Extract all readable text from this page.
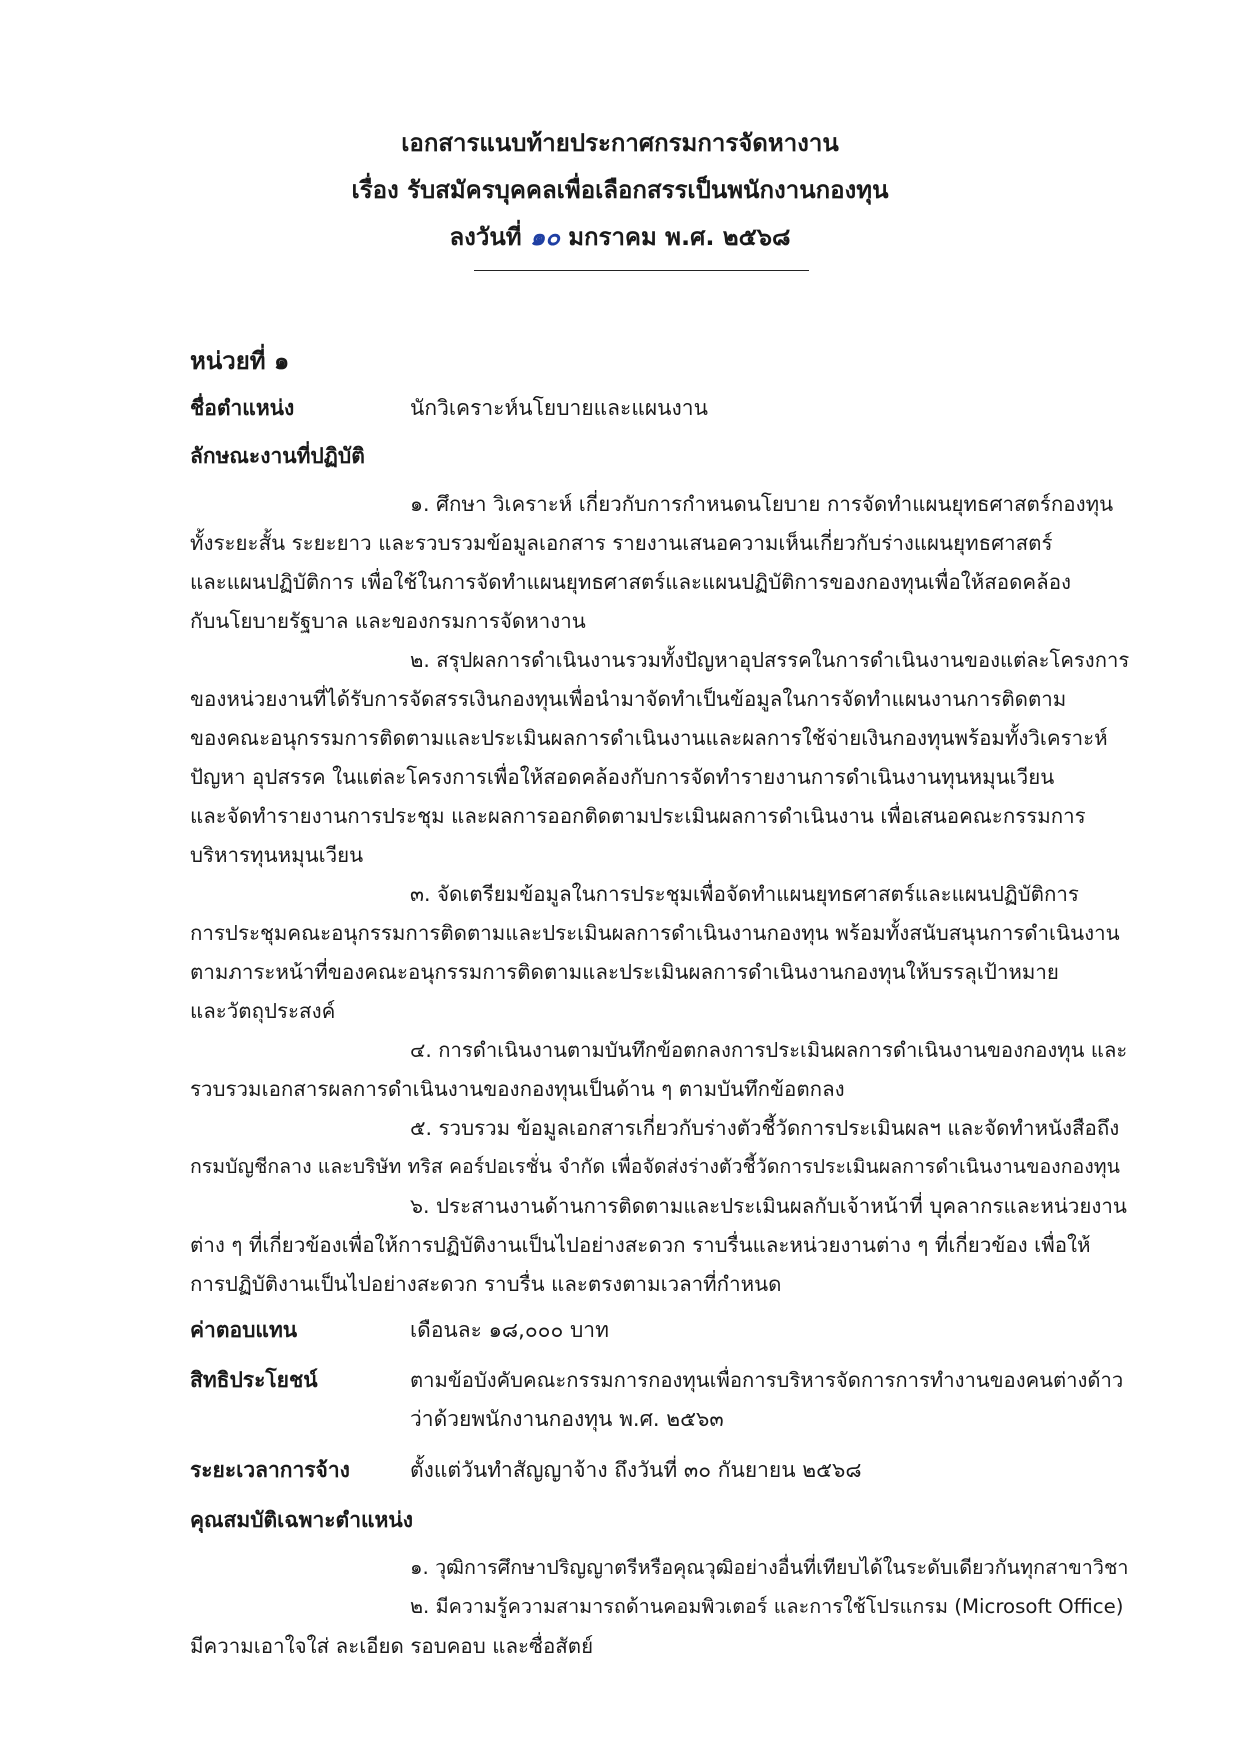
เอกสารแนบท้ายประกาศกรมการจัดหางาน
เรื่อง รับสมัครบุคคลเพื่อเลือกสรรเป็นพนักงานกองทุน
ลงวันที่ ๑๐ มกราคม พ.ศ. ๒๕๖๘
หน่วยที่ ๑
ชื่อตำแหน่ง	นักวิเคราะห์นโยบายและแผนงาน
ลักษณะงานที่ปฏิบัติ
๑. ศึกษา วิเคราะห์ เกี่ยวกับการกำหนดนโยบาย การจัดทำแผนยุทธศาสตร์กองทุน
ทั้งระยะสั้น ระยะยาว และรวบรวมข้อมูลเอกสาร รายงานเสนอความเห็นเกี่ยวกับร่างแผนยุทธศาสตร์
และแผนปฏิบัติการ เพื่อใช้ในการจัดทำแผนยุทธศาสตร์และแผนปฏิบัติการของกองทุนเพื่อให้สอดคล้อง
กับนโยบายรัฐบาล และของกรมการจัดหางาน
๒. สรุปผลการดำเนินงานรวมทั้งปัญหาอุปสรรคในการดำเนินงานของแต่ละโครงการ
ของหน่วยงานที่ได้รับการจัดสรรเงินกองทุนเพื่อนำมาจัดทำเป็นข้อมูลในการจัดทำแผนงานการติดตาม
ของคณะอนุกรรมการติดตามและประเมินผลการดำเนินงานและผลการใช้จ่ายเงินกองทุนพร้อมทั้งวิเคราะห์
ปัญหา อุปสรรค ในแต่ละโครงการเพื่อให้สอดคล้องกับการจัดทำรายงานการดำเนินงานทุนหมุนเวียน
และจัดทำรายงานการประชุม และผลการออกติดตามประเมินผลการดำเนินงาน เพื่อเสนอคณะกรรมการ
บริหารทุนหมุนเวียน
๓. จัดเตรียมข้อมูลในการประชุมเพื่อจัดทำแผนยุทธศาสตร์และแผนปฏิบัติการ
การประชุมคณะอนุกรรมการติดตามและประเมินผลการดำเนินงานกองทุน พร้อมทั้งสนับสนุนการดำเนินงาน
ตามภาระหน้าที่ของคณะอนุกรรมการติดตามและประเมินผลการดำเนินงานกองทุนให้บรรลุเป้าหมาย
และวัตถุประสงค์
๔. การดำเนินงานตามบันทึกข้อตกลงการประเมินผลการดำเนินงานของกองทุน และ
รวบรวมเอกสารผลการดำเนินงานของกองทุนเป็นด้าน ๆ ตามบันทึกข้อตกลง
๕. รวบรวม ข้อมูลเอกสารเกี่ยวกับร่างตัวชี้วัดการประเมินผลฯ และจัดทำหนังสือถึง
กรมบัญชีกลาง และบริษัท ทริส คอร์ปอเรชั่น จำกัด เพื่อจัดส่งร่างตัวชี้วัดการประเมินผลการดำเนินงานของกองทุน
๖. ประสานงานด้านการติดตามและประเมินผลกับเจ้าหน้าที่ บุคลากรและหน่วยงาน
ต่าง ๆ ที่เกี่ยวข้องเพื่อให้การปฏิบัติงานเป็นไปอย่างสะดวก ราบรื่นและหน่วยงานต่าง ๆ ที่เกี่ยวข้อง เพื่อให้
การปฏิบัติงานเป็นไปอย่างสะดวก ราบรื่น และตรงตามเวลาที่กำหนด
ค่าตอบแทน	เดือนละ ๑๘,๐๐๐ บาท
สิทธิประโยชน์	ตามข้อบังคับคณะกรรมการกองทุนเพื่อการบริหารจัดการการทำงานของคนต่างด้าว
ว่าด้วยพนักงานกองทุน พ.ศ. ๒๕๖๓
ระยะเวลาการจ้าง	ตั้งแต่วันทำสัญญาจ้าง ถึงวันที่ ๓๐ กันยายน ๒๕๖๘
คุณสมบัติเฉพาะตำแหน่ง
๑. วุฒิการศึกษาปริญญาตรีหรือคุณวุฒิอย่างอื่นที่เทียบได้ในระดับเดียวกันทุกสาขาวิชา
๒. มีความรู้ความสามารถด้านคอมพิวเตอร์ และการใช้โปรแกรม (Microsoft Office)
มีความเอาใจใส่ ละเอียด รอบคอบ และซื่อสัตย์
